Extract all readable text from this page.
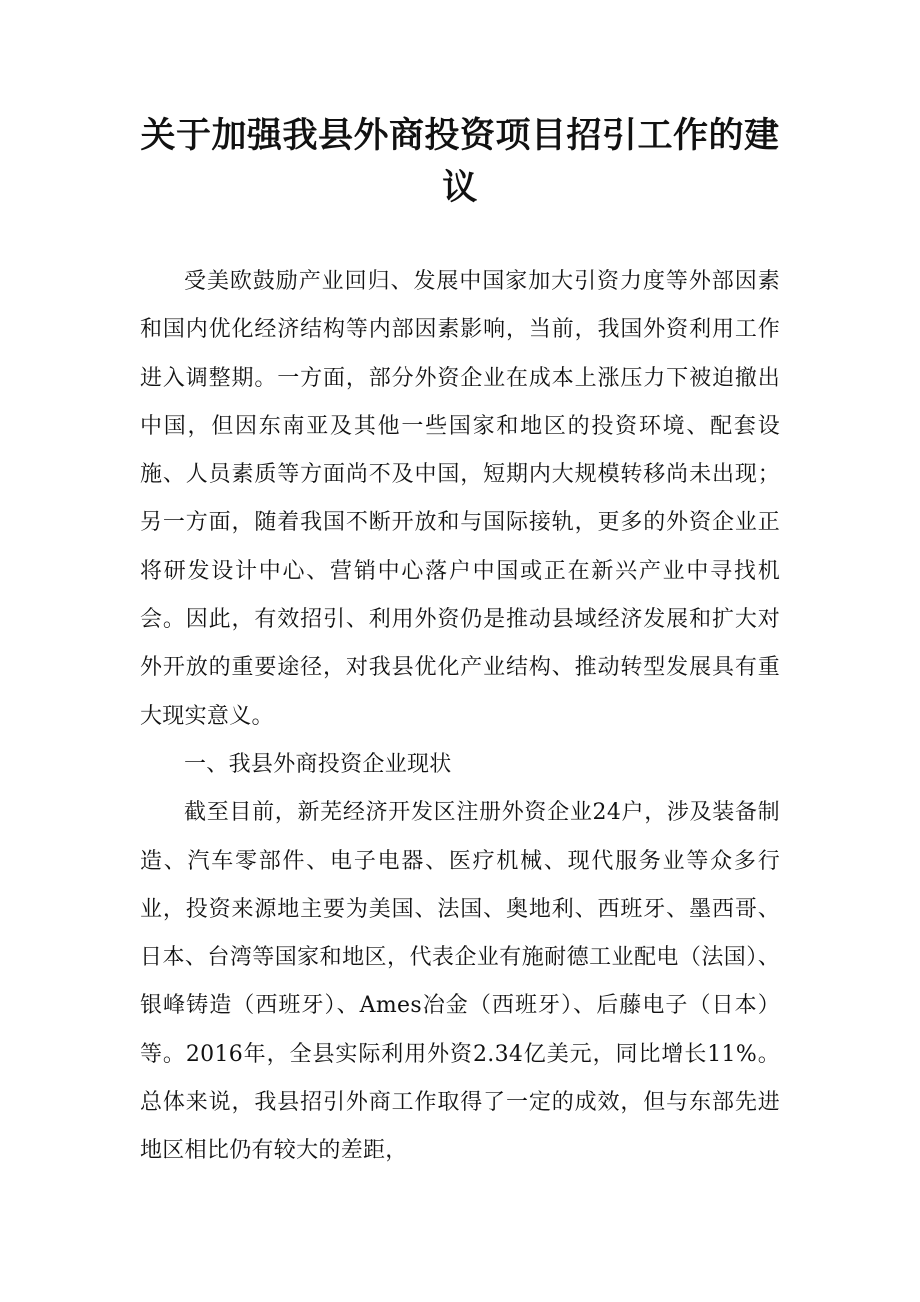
关于加强我县外商投资项目招引工作的建议

受美欧鼓励产业回归、发展中国家加大引资力度等外部因素和国内优化经济结构等内部因素影响，当前，我国外资利用工作进入调整期。一方面，部分外资企业在成本上涨压力下被迫撤出中国，但因东南亚及其他一些国家和地区的投资环境、配套设施、人员素质等方面尚不及中国，短期内大规模转移尚未出现；另一方面，随着我国不断开放和与国际接轨，更多的外资企业正将研发设计中心、营销中心落户中国或正在新兴产业中寻找机会。因此，有效招引、利用外资仍是推动县域经济发展和扩大对外开放的重要途径，对我县优化产业结构、推动转型发展具有重大现实意义。

一、我县外商投资企业现状

截至目前，新芜经济开发区注册外资企业24户，涉及装备制造、汽车零部件、电子电器、医疗机械、现代服务业等众多行业，投资来源地主要为美国、法国、奥地利、西班牙、墨西哥、日本、台湾等国家和地区，代表企业有施耐德工业配电（法国）、银峰铸造（西班牙）、Ames冶金（西班牙）、后藤电子（日本）等。2016年，全县实际利用外资2.34亿美元，同比增长11%。总体来说，我县招引外商工作取得了一定的成效，但与东部先进地区相比仍有较大的差距，
